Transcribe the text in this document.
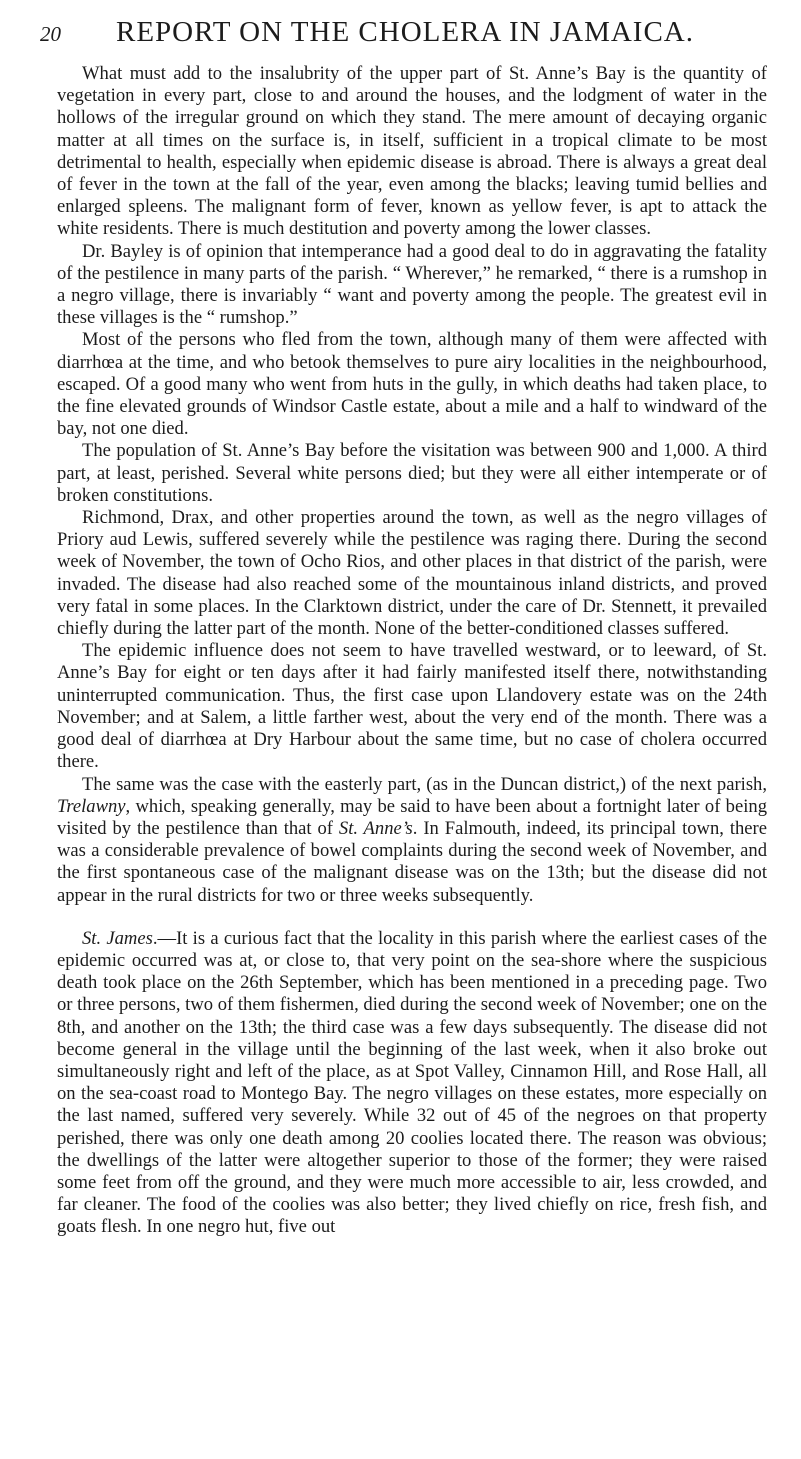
20	REPORT ON THE CHOLERA IN JAMAICA.

What must add to the insalubrity of the upper part of St. Anne’s Bay is the quantity of vegetation in every part, close to and around the houses, and the lodgment of water in the hollows of the irregular ground on which they stand. The mere amount of decaying organic matter at all times on the surface is, in itself, sufficient in a tropical climate to be most detrimental to health, especially when epidemic disease is abroad. There is always a great deal of fever in the town at the fall of the year, even among the blacks; leaving tumid bellies and enlarged spleens. The malignant form of fever, known as yellow fever, is apt to attack the white residents. There is much destitution and poverty among the lower classes.

Dr. Bayley is of opinion that intemperance had a good deal to do in aggravating the fatality of the pestilence in many parts of the parish. “ Wherever,” he remarked, “ there is a rumshop in a negro village, there is invariably “ want and poverty among the people. The greatest evil in these villages is the “ rumshop.”

Most of the persons who fled from the town, although many of them were affected with diarrhœa at the time, and who betook themselves to pure airy localities in the neighbourhood, escaped. Of a good many who went from huts in the gully, in which deaths had taken place, to the fine elevated grounds of Windsor Castle estate, about a mile and a half to windward of the bay, not one died.

The population of St. Anne’s Bay before the visitation was between 900 and 1,000. A third part, at least, perished. Several white persons died; but they were all either intemperate or of broken constitutions.

Richmond, Drax, and other properties around the town, as well as the negro villages of Priory aud Lewis, suffered severely while the pestilence was raging there. During the second week of November, the town of Ocho Rios, and other places in that district of the parish, were invaded. The disease had also reached some of the mountainous inland districts, and proved very fatal in some places. In the Clarktown district, under the care of Dr. Stennett, it prevailed chiefly during the latter part of the month. None of the better-conditioned classes suffered.

The epidemic influence does not seem to have travelled westward, or to leeward, of St. Anne’s Bay for eight or ten days after it had fairly manifested itself there, notwithstanding uninterrupted communication. Thus, the first case upon Llandovery estate was on the 24th November; and at Salem, a little farther west, about the very end of the month. There was a good deal of diarrhœa at Dry Harbour about the same time, but no case of cholera occurred there.

The same was the case with the easterly part, (as in the Duncan district,) of the next parish, Trelawny, which, speaking generally, may be said to have been about a fortnight later of being visited by the pestilence than that of St. Anne’s. In Falmouth, indeed, its principal town, there was a considerable prevalence of bowel complaints during the second week of November, and the first spontaneous case of the malignant disease was on the 13th; but the disease did not appear in the rural districts for two or three weeks subsequently.

St. James.—It is a curious fact that the locality in this parish where the earliest cases of the epidemic occurred was at, or close to, that very point on the sea-shore where the suspicious death took place on the 26th September, which has been mentioned in a preceding page. Two or three persons, two of them fishermen, died during the second week of November; one on the 8th, and another on the 13th; the third case was a few days subsequently. The disease did not become general in the village until the beginning of the last week, when it also broke out simultaneously right and left of the place, as at Spot Valley, Cinnamon Hill, and Rose Hall, all on the sea-coast road to Montego Bay. The negro villages on these estates, more especially on the last named, suffered very severely. While 32 out of 45 of the negroes on that property perished, there was only one death among 20 coolies located there. The reason was obvious; the dwellings of the latter were altogether superior to those of the former; they were raised some feet from off the ground, and they were much more accessible to air, less crowded, and far cleaner. The food of the coolies was also better; they lived chiefly on rice, fresh fish, and goats flesh. In one negro hut, five out
